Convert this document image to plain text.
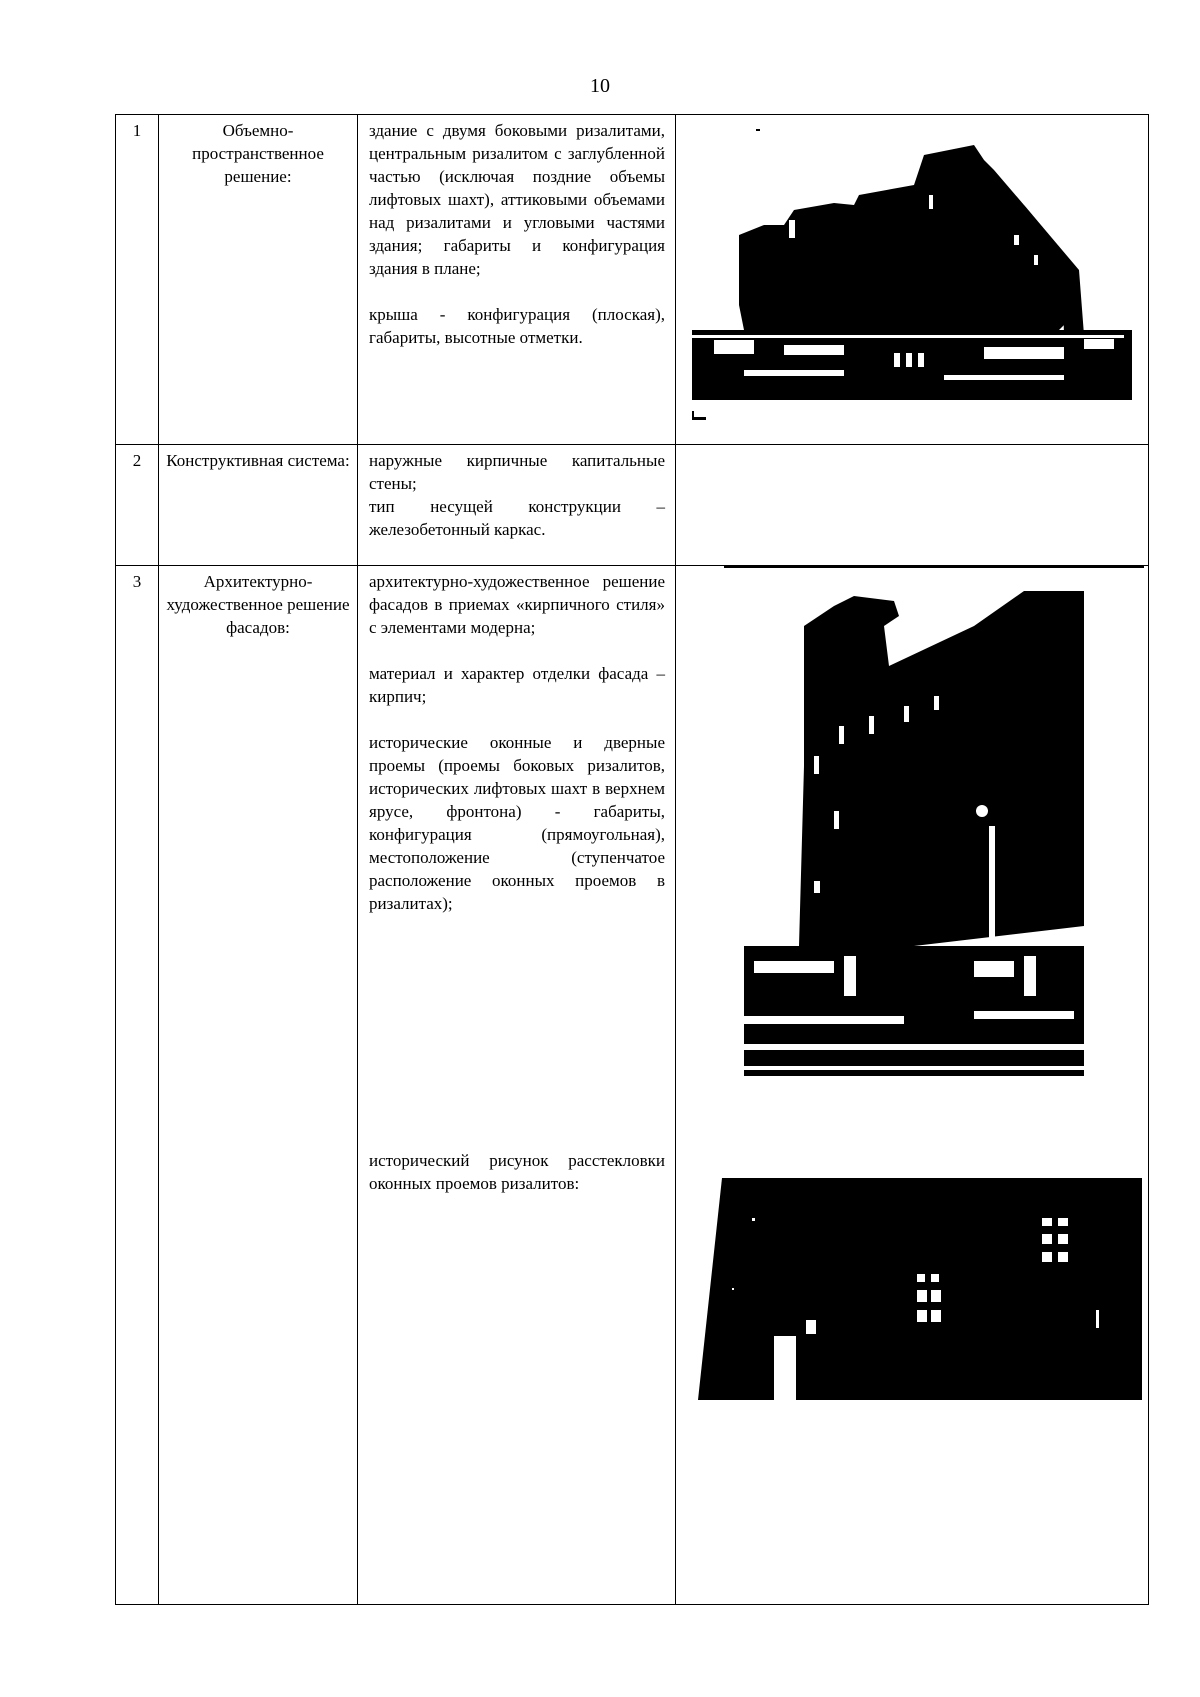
10
1	Объемно-пространственное решение:	здание с двумя боковыми ризалитами, центральным ризалитом с заглубленной частью (исключая поздние объемы лифтовых шахт), аттиковыми объемами над ризалитами и угловыми частями здания; габариты и конфигурация здания в плане;

крыша - конфигурация (плоская), габариты, высотные отметки.

2	Конструктивная система:	наружные кирпичные капитальные стены;

тип несущей конструкции – железобетонный каркас.	

3	Архитектурно-художественное решение фасадов:	архитектурно-художественное решение фасадов в приемах «кирпичного стиля» с элементами модерна;

материал и характер отделки фасада – кирпич;

исторические оконные и дверные проемы (проемы боковых ризалитов, исторических лифтовых шахт в верхнем ярусе, фронтона) - габариты, конфигурация (прямоугольная), местоположение (ступенчатое расположение оконных проемов в ризалитах);

исторический рисунок расстекловки оконных проемов ризалитов:
